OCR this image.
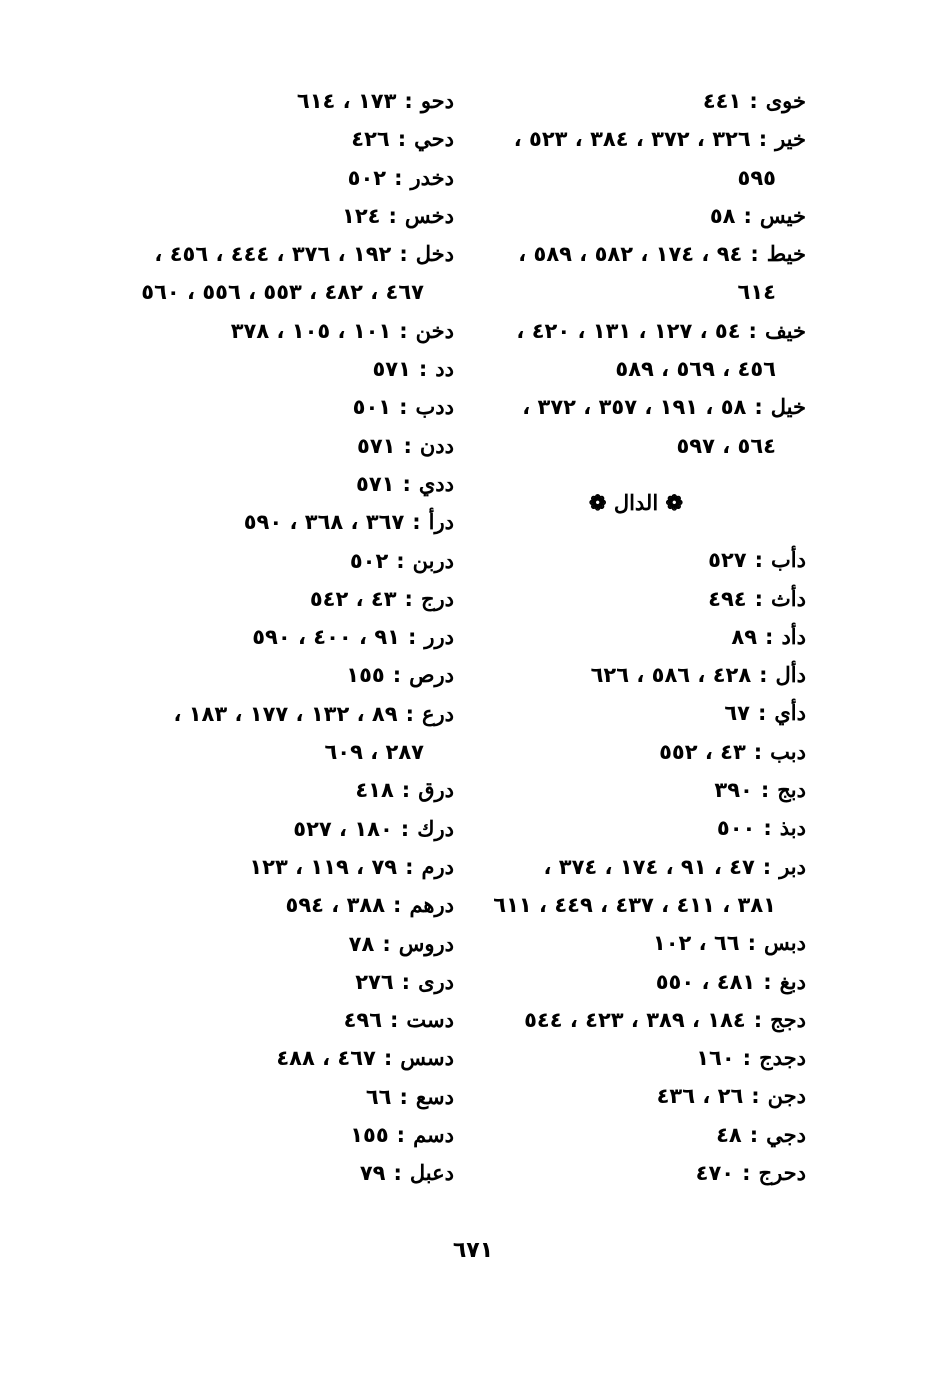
خوى:٤٤١
خير:٣٢٦ ، ٣٧٢ ، ٣٨٤ ، ٥٢٣ ،
٥٩٥
خيس:٥٨
خيط:٩٤ ، ١٧٤ ، ٥٨٢ ، ٥٨٩ ،
٦١٤
خيف:٥٤ ، ١٢٧ ، ١٣١ ، ٤٢٠ ،
٤٥٦ ، ٥٦٩ ، ٥٨٩
خيل:٥٨ ، ١٩١ ، ٣٥٧ ، ٣٧٢ ،
٥٦٤ ، ٥٩٧
❁ الدال ❁
دأب:٥٢٧
دأث:٤٩٤
دأد:٨٩
دأل:٤٢٨ ، ٥٨٦ ، ٦٢٦
دأي:٦٧
دبب:٤٣ ، ٥٥٢
دبج:٣٩٠
دبذ:٥٠٠
دبر:٤٧ ، ٩١ ، ١٧٤ ، ٣٧٤ ،
٣٨١ ، ٤١١ ، ٤٣٧ ، ٤٤٩ ، ٦١١
دبس:٦٦ ، ١٠٢
دبغ:٤٨١ ، ٥٥٠
دجج:١٨٤ ، ٣٨٩ ، ٤٢٣ ، ٥٤٤
دجدج:١٦٠
دجن:٢٦ ، ٤٣٦
دجي:٤٨
دحرج:٤٧٠
دحو:١٧٣ ، ٦١٤
دحي:٤٢٦
دخدر:٥٠٢
دخس:١٢٤
دخل:١٩٢ ، ٣٧٦ ، ٤٤٤ ، ٤٥٦ ،
٤٦٧ ، ٤٨٢ ، ٥٥٣ ، ٥٥٦ ، ٥٦٠
دخن:١٠١ ، ١٠٥ ، ٣٧٨
دد:٥٧١
ددب:٥٠١
ددن:٥٧١
ددي:٥٧١
درأ:٣٦٧ ، ٣٦٨ ، ٥٩٠
دربن:٥٠٢
درج:٤٣ ، ٥٤٢
درر:٩١ ، ٤٠٠ ، ٥٩٠
درص:١٥٥
درع:٨٩ ، ١٣٢ ، ١٧٧ ، ١٨٣ ،
٢٨٧ ، ٦٠٩
درق:٤١٨
درك:١٨٠ ، ٥٢٧
درم:٧٩ ، ١١٩ ، ١٢٣
درهم:٣٨٨ ، ٥٩٤
دروس:٧٨
درى:٢٧٦
دست:٤٩٦
دسس:٤٦٧ ، ٤٨٨
دسع:٦٦
دسم:١٥٥
دعبل:٧٩
٦٧١
